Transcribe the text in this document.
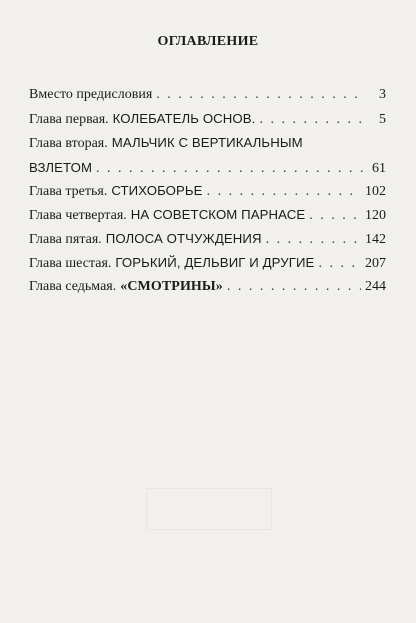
ОГЛАВЛЕНИЕ
Вместо предисловия . . .	3
Глава первая. КОЛЕБАТЕЛЬ ОСНОВ. . . .	5
Глава вторая. МАЛЬЧИК С ВЕРТИКАЛЬНЫМ
ВЗЛЕТОМ . . .	61
Глава третья. СТИХОБОРЬЕ . . .	102
Глава четвертая. НА СОВЕТСКОМ ПАРНАСЕ . . .	120
Глава пятая. ПОЛОСА ОТЧУЖДЕНИЯ . . .	142
Глава шестая. ГОРЬКИЙ, ДЕЛЬВИГ И ДРУГИЕ . . .	207
Глава седьмая. «СМОТРИНЫ» . . .	244
